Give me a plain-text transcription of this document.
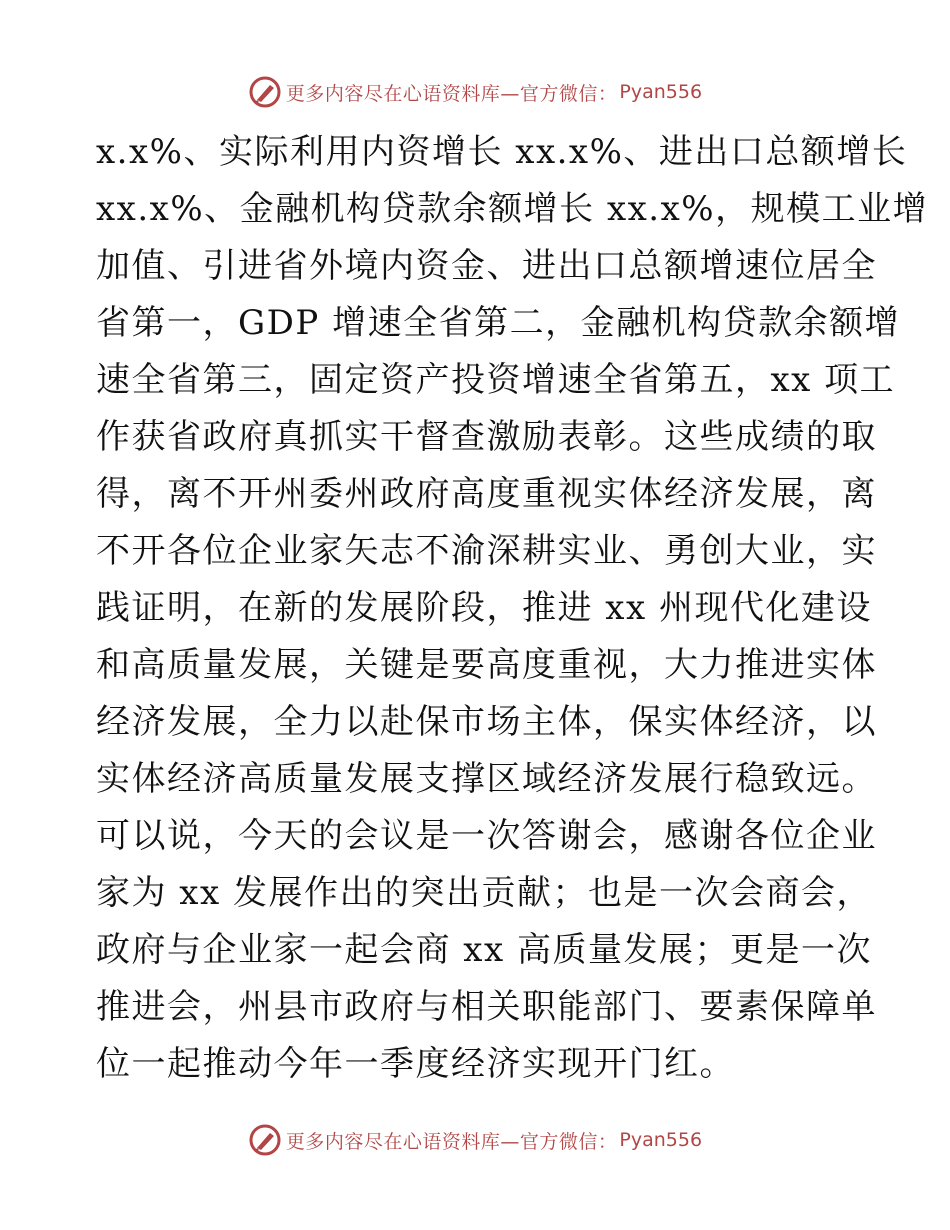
更多内容尽在心语资料库—官方微信： Pyan556
x.x%、实际利用内资增长 xx.x%、进出口总额增长
xx.x%、金融机构贷款余额增长 xx.x%，规模工业增
加值、引进省外境内资金、进出口总额增速位居全
省第一，GDP 增速全省第二，金融机构贷款余额增
速全省第三，固定资产投资增速全省第五，xx 项工
作获省政府真抓实干督查激励表彰。这些成绩的取
得，离不开州委州政府高度重视实体经济发展，离
不开各位企业家矢志不渝深耕实业、勇创大业，实
践证明，在新的发展阶段，推进 xx 州现代化建设
和高质量发展，关键是要高度重视，大力推进实体
经济发展，全力以赴保市场主体，保实体经济，以
实体经济高质量发展支撑区域经济发展行稳致远。
可以说，今天的会议是一次答谢会，感谢各位企业
家为 xx 发展作出的突出贡献；也是一次会商会，
政府与企业家一起会商 xx 高质量发展；更是一次
推进会，州县市政府与相关职能部门、要素保障单
位一起推动今年一季度经济实现开门红。
更多内容尽在心语资料库—官方微信： Pyan556
